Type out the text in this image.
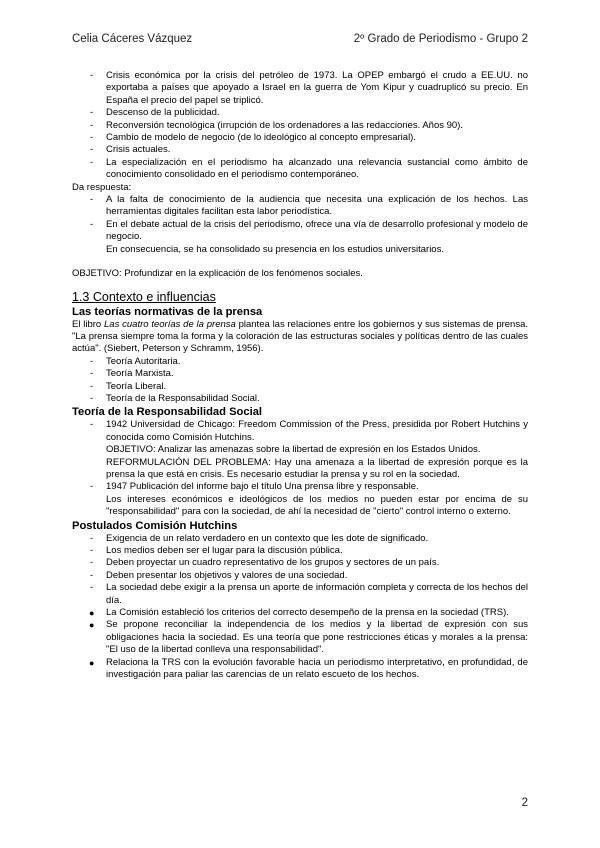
Celia Cáceres Vázquez	2º Grado de Periodismo - Grupo 2
- Crisis económica por la crisis del petróleo de 1973. La OPEP embargó el crudo a EE.UU. no exportaba a países que apoyado a Israel en la guerra de Yom Kipur y cuadruplicó su precio. En España el precio del papel se triplicó.
- Descenso de la publicidad.
- Reconversión tecnológica (irrupción de los ordenadores a las redacciones. Años 90).
- Cambio de modelo de negocio (de lo ideológico al concepto empresarial).
- Crisis actuales.
- La especialización en el periodismo ha alcanzado una relevancia sustancial como ámbito de conocimiento consolidado en el periodismo contemporáneo.
Da respuesta:
- A la falta de conocimiento de la audiencia que necesita una explicación de los hechos. Las herramientas digitales facilitan esta labor periodística.
- En el debate actual de la crisis del periodismo, ofrece una vía de desarrollo profesional y modelo de negocio.
En consecuencia, se ha consolidado su presencia en los estudios universitarios.
OBJETIVO: Profundizar en la explicación de los fenómenos sociales.
1.3 Contexto e influencias
Las teorías normativas de la prensa
El libro Las cuatro teorías de la prensa plantea las relaciones entre los gobiernos y sus sistemas de prensa. "La prensa siempre toma la forma y la coloración de las estructuras sociales y políticas dentro de las cuales actúa". (Siebert, Peterson y Schramm, 1956).
- Teoría Autoritaria.
- Teoría Marxista.
- Teoría Liberal.
- Teoría de la Responsabilidad Social.
Teoría de la Responsabilidad Social
- 1942 Universidad de Chicago: Freedom Commission of the Press, presidida por Robert Hutchins y conocida como Comisión Hutchins.
OBJETIVO: Analizar las amenazas sobre la libertad de expresión en los Estados Unidos.
REFORMULACIÓN DEL PROBLEMA: Hay una amenaza a la libertad de expresión porque es la prensa la que está en crisis. Es necesario estudiar la prensa y su rol en la sociedad.
- 1947 Publicación del informe bajo el título Una prensa libre y responsable.
Los intereses económicos e ideológicos de los medios no pueden estar por encima de su "responsabilidad" para con la sociedad, de ahí la necesidad de "cierto" control interno o externo.
Postulados Comisión Hutchins
- Exigencia de un relato verdadero en un contexto que les dote de significado.
- Los medios deben ser el lugar para la discusión pública.
- Deben proyectar un cuadro representativo de los grupos y sectores de un país.
- Deben presentar los objetivos y valores de una sociedad.
- La sociedad debe exigir a la prensa un aporte de información completa y correcta de los hechos del día.
● La Comisión estableció los criterios del correcto desempeño de la prensa en la sociedad (TRS).
● Se propone reconciliar la independencia de los medios y la libertad de expresión con sus obligaciones hacia la sociedad. Es una teoría que pone restricciones éticas y morales a la prensa: "El uso de la libertad conlleva una responsabilidad".
● Relaciona la TRS con la evolución favorable hacia un periodismo interpretativo, en profundidad, de investigación para paliar las carencias de un relato escueto de los hechos.
2
